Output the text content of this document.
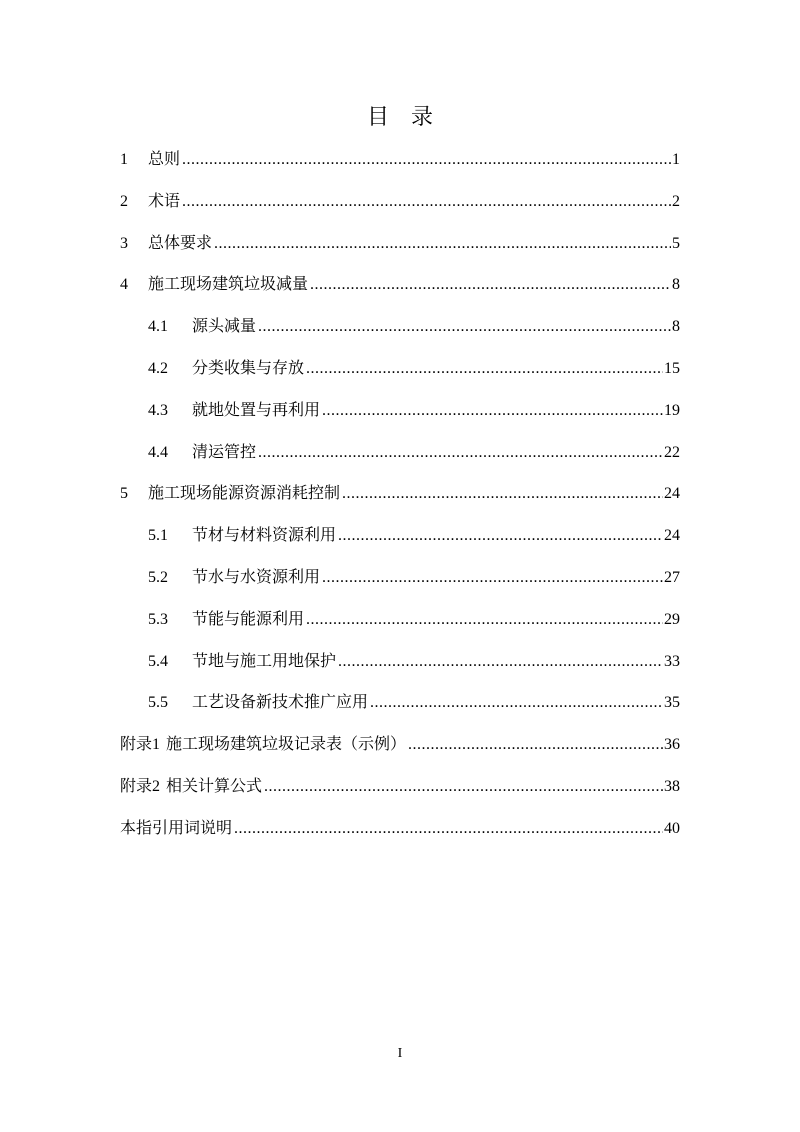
目 录
1	总则 .....	1
2	术语 .....	2
3	总体要求 .....	5
4	施工现场建筑垃圾减量 .....	8
4.1	源头减量 .....	8
4.2	分类收集与存放 .....	15
4.3	就地处置与再利用 .....	19
4.4	清运管控 .....	22
5	施工现场能源资源消耗控制 .....	24
5.1	节材与材料资源利用 .....	24
5.2	节水与水资源利用 .....	27
5.3	节能与能源利用 .....	29
5.4	节地与施工用地保护 .....	33
5.5	工艺设备新技术推广应用 .....	35
附录 1 施工现场建筑垃圾记录表（示例） .....	36
附录 2 相关计算公式 .....	38
本指引用词说明 .....	40
I
